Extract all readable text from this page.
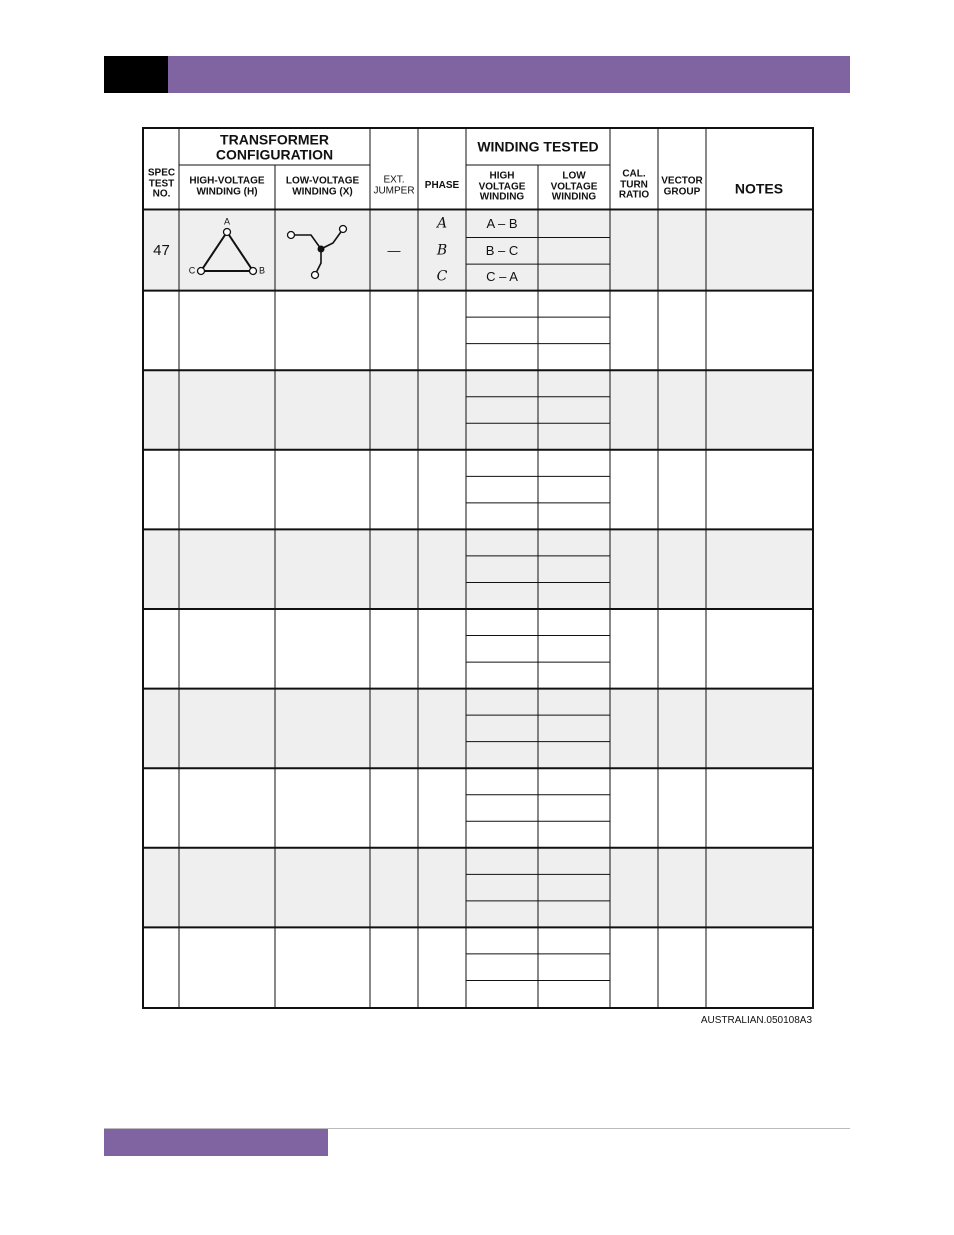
SPEC
TEST
NO.
TRANSFORMER
CONFIGURATION
HIGH-VOLTAGE
WINDING (H)
LOW-VOLTAGE
WINDING (X)
EXT.
JUMPER PHASE
WINDING TESTED
HIGH
VOLTAGE
WINDING
LOW
VOLTAGE
WINDING
CAL.
TURN
RATIO
VECTOR
GROUP NOTES
47
A
C	B
—
A
B
C
A – B
B – C
C – A
AUSTRALIAN.050108A3
